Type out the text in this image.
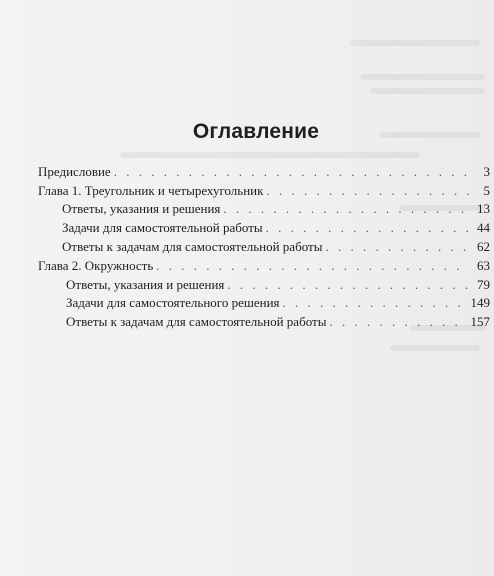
Оглавление
Предисловие . . .	3
Глава 1. Треугольник и четырехугольник . . .	5
Ответы, указания и решения . . .	13
Задачи для самостоятельной работы . . .	44
Ответы к задачам для самостоятельной работы . . .	62
Глава 2. Окружность . . .	63
Ответы, указания и решения . . .	79
Задачи для самостоятельного решения . . .	149
Ответы к задачам для самостоятельной работы . . .	157
